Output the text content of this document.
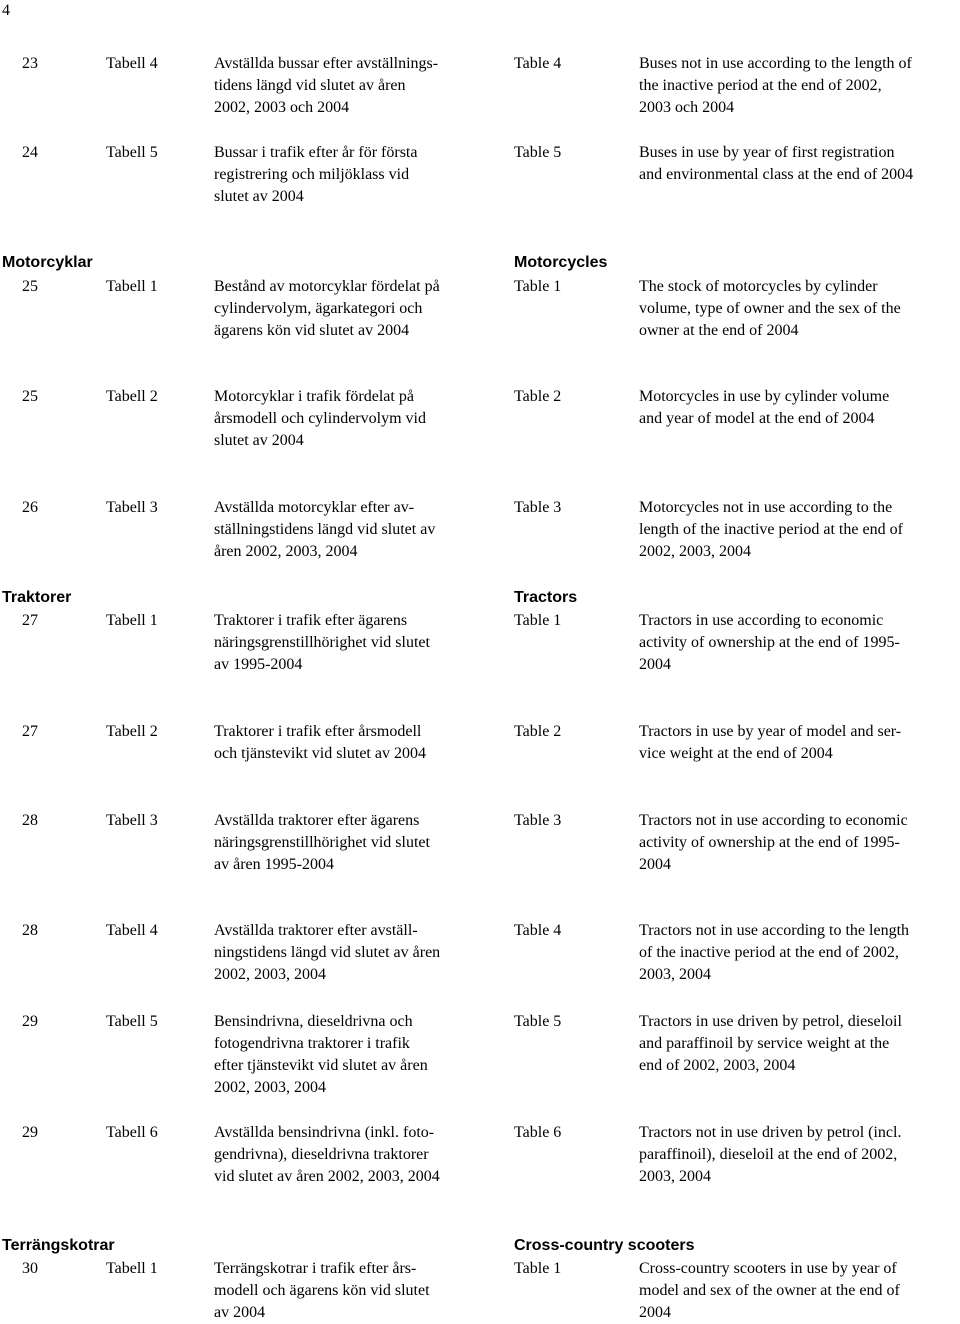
4
23	Tabell 4	Avställda bussar efter avställnings-
tidens längd vid slutet av åren
2002, 2003 och 2004
Table 4	Buses not in use according to the length of
the inactive period at the end of 2002,
2003 och 2004
24	Tabell 5	Bussar i trafik efter år för första
registrering och miljöklass vid
slutet av 2004
Table 5	Buses in use by year of first registration
and environmental class at the end of 2004
Motorcyklar	Motorcycles
25	Tabell 1	Bestånd av motorcyklar fördelat på
cylindervolym, ägarkategori och
ägarens kön vid slutet av 2004
Table 1	The stock of motorcycles by cylinder
volume, type of owner and the sex of the
owner at the end of 2004
25	Tabell 2	Motorcyklar i trafik fördelat på
årsmodell och cylindervolym vid
slutet av 2004
Table 2	Motorcycles in use by cylinder volume
and year of model at the end of 2004
26	Tabell 3	Avställda motorcyklar efter av-
ställningstidens längd vid slutet av
åren 2002, 2003, 2004
Table 3	Motorcycles not in use according to the
length of the inactive period at the end of
2002, 2003, 2004
Traktorer	Tractors
27	Tabell 1	Traktorer i trafik efter ägarens
näringsgrenstillhörighet vid slutet
av 1995-2004
Table 1	Tractors in use according to economic
activity of ownership at the end of 1995-
2004
27	Tabell 2	Traktorer i trafik efter årsmodell
och tjänstevikt vid slutet av 2004
Table 2	Tractors in use by year of model and ser-
vice weight at the end of 2004
28	Tabell 3	Avställda traktorer efter ägarens
näringsgrenstillhörighet vid slutet
av åren 1995-2004
Table 3	Tractors not in use according to economic
activity of ownership at the end of 1995-
2004
28	Tabell 4	Avställda traktorer efter avställ-
ningstidens längd vid slutet av åren
2002, 2003, 2004
Table 4	Tractors not in use according to the length
of the inactive period at the end of 2002,
2003, 2004
29	Tabell 5	Bensindrivna, dieseldrivna och
fotogendrivna traktorer i trafik
efter tjänstevikt vid slutet av åren
2002, 2003, 2004
Table 5	Tractors in use driven by petrol, dieseloil
and paraffinoil by service weight at the
end of 2002, 2003, 2004
29	Tabell 6	Avställda bensindrivna (inkl. foto-
gendrivna), dieseldrivna traktorer
vid slutet av åren 2002, 2003, 2004
Table 6	Tractors not in use driven by petrol (incl.
paraffinoil), dieseloil at the end of 2002,
2003, 2004
Terrängskotrar	Cross-country scooters
30	Tabell 1	Terrängskotrar i trafik efter års-
modell och ägarens kön vid slutet
av 2004
Table 1	Cross-country scooters in use by year of
model and sex of the owner at the end of
2004
